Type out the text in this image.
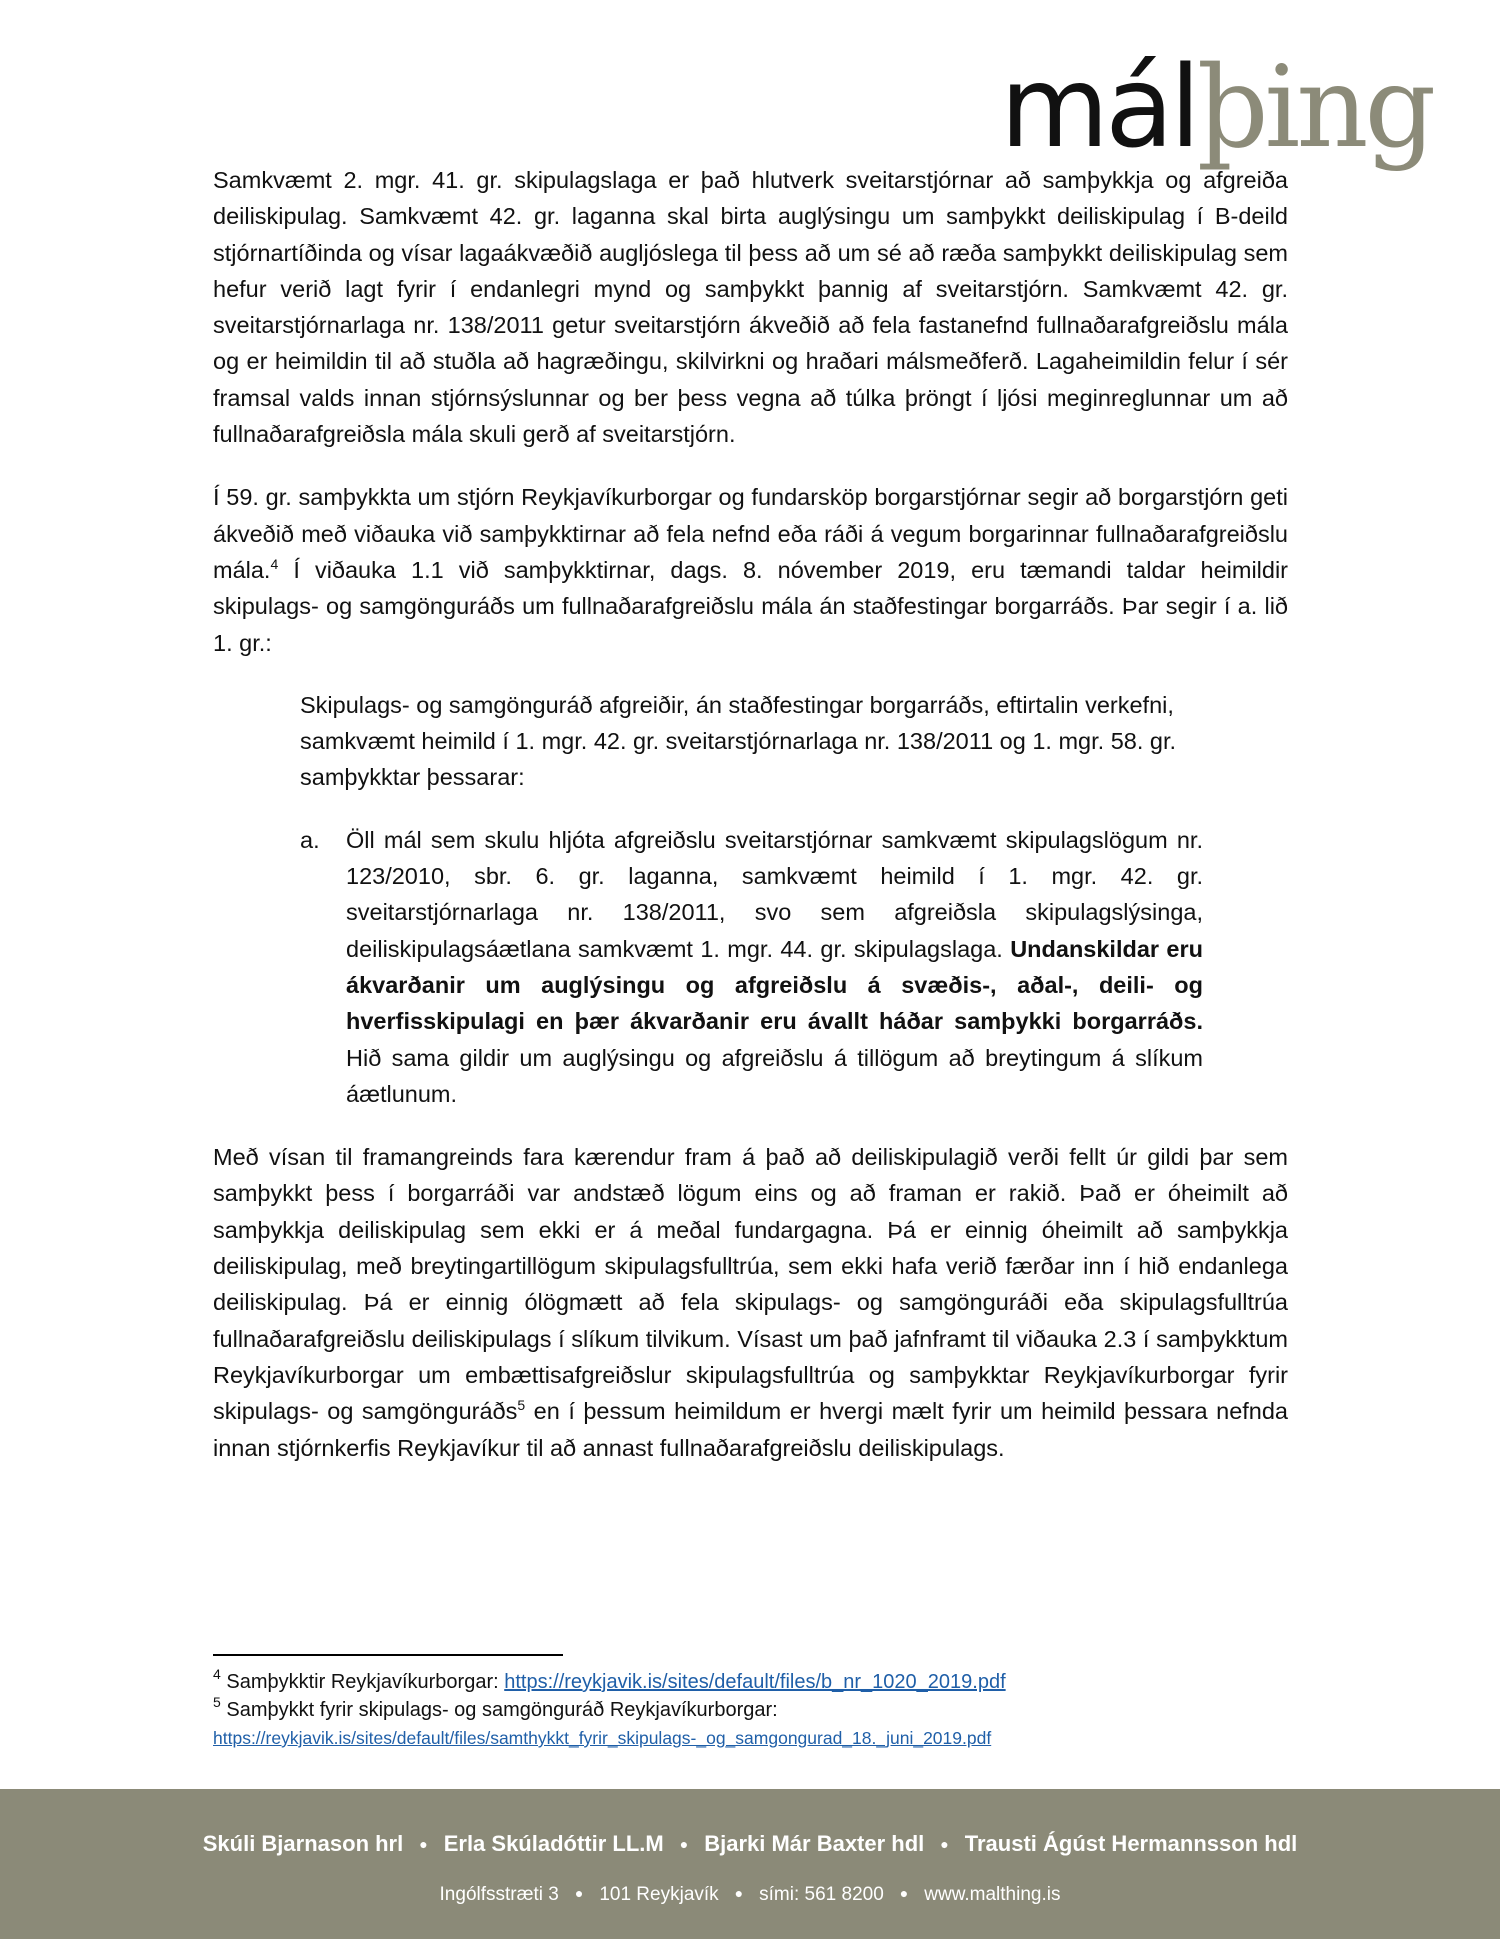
málþing

Samkvæmt 2. mgr. 41. gr. skipulagslaga er það hlutverk sveitarstjórnar að samþykkja og afgreiða deiliskipulag. Samkvæmt 42. gr. laganna skal birta auglýsingu um samþykkt deiliskipulag í B-deild stjórnartíðinda og vísar lagaákvæðið augljóslega til þess að um sé að ræða samþykkt deiliskipulag sem hefur verið lagt fyrir í endanlegri mynd og samþykkt þannig af sveitarstjórn. Samkvæmt 42. gr. sveitarstjórnarlaga nr. 138/2011 getur sveitarstjórn ákveðið að fela fastanefnd fullnaðarafgreiðslu mála og er heimildin til að stuðla að hagræðingu, skilvirkni og hraðari málsmeðferð. Lagaheimildin felur í sér framsal valds innan stjórnsýslunnar og ber þess vegna að túlka þröngt í ljósi meginreglunnar um að fullnaðarafgreiðsla mála skuli gerð af sveitarstjórn.

Í 59. gr. samþykkta um stjórn Reykjavíkurborgar og fundarsköp borgarstjórnar segir að borgarstjórn geti ákveðið með viðauka við samþykktirnar að fela nefnd eða ráði á vegum borgarinnar fullnaðarafgreiðslu mála.$^4$ Í viðauka 1.1 við samþykktirnar, dags. 8. nóvember 2019, eru tæmandi taldar heimildir skipulags- og samgönguráðs um fullnaðarafgreiðslu mála án staðfestingar borgarráðs. Þar segir í a. lið 1. gr.:

Skipulags- og samgönguráð afgreiðir, án staðfestingar borgarráðs, eftirtalin verkefni, samkvæmt heimild í 1. mgr. 42. gr. sveitarstjórnarlaga nr. 138/2011 og 1. mgr. 58. gr. samþykktar þessarar:

a.	Öll mál sem skulu hljóta afgreiðslu sveitarstjórnar samkvæmt skipulagslögum nr. 123/2010, sbr. 6. gr. laganna, samkvæmt heimild í 1. mgr. 42. gr. sveitarstjórnarlaga nr. 138/2011, svo sem afgreiðsla skipulagslýsinga, deiliskipulagsáætlana samkvæmt 1. mgr. 44. gr. skipulagslaga. Undanskildar eru ákvarðanir um auglýsingu og afgreiðslu á svæðis-, aðal-, deili- og hverfisskipulagi en þær ákvarðanir eru ávallt háðar samþykki borgarráðs. Hið sama gildir um auglýsingu og afgreiðslu á tillögum að breytingum á slíkum áætlunum.

Með vísan til framangreinds fara kærendur fram á það að deiliskipulagið verði fellt úr gildi þar sem samþykkt þess í borgarráði var andstæð lögum eins og að framan er rakið. Það er óheimilt að samþykkja deiliskipulag sem ekki er á meðal fundargagna. Þá er einnig óheimilt að samþykkja deiliskipulag, með breytingartillögum skipulagsfulltrúa, sem ekki hafa verið færðar inn í hið endanlega deiliskipulag. Þá er einnig ólögmætt að fela skipulags- og samgönguráði eða skipulagsfulltrúa fullnaðarafgreiðslu deiliskipulags í slíkum tilvikum. Vísast um það jafnframt til viðauka 2.3 í samþykktum Reykjavíkurborgar um embættisafgreiðslur skipulagsfulltrúa og samþykktar Reykjavíkurborgar fyrir skipulags- og samgönguráðs$^5$ en í þessum heimildum er hvergi mælt fyrir um heimild þessara nefnda innan stjórnkerfis Reykjavíkur til að annast fullnaðarafgreiðslu deiliskipulags.

$^4$ Samþykktir Reykjavíkurborgar: https://reykjavik.is/sites/default/files/b_nr_1020_2019.pdf
$^5$ Samþykkt fyrir skipulags- og samgönguráð Reykjavíkurborgar:
https://reykjavik.is/sites/default/files/samthykkt_fyrir_skipulags-_og_samgongurad_18._juni_2019.pdf
Skúli Bjarnason hrl ● Erla Skúladóttir LL.M ● Bjarki Már Baxter hdl ● Trausti Ágúst Hermannsson hdl
Ingólfsstræti 3 ● 101 Reykjavík ● sími: 561 8200 ● www.malthing.is
